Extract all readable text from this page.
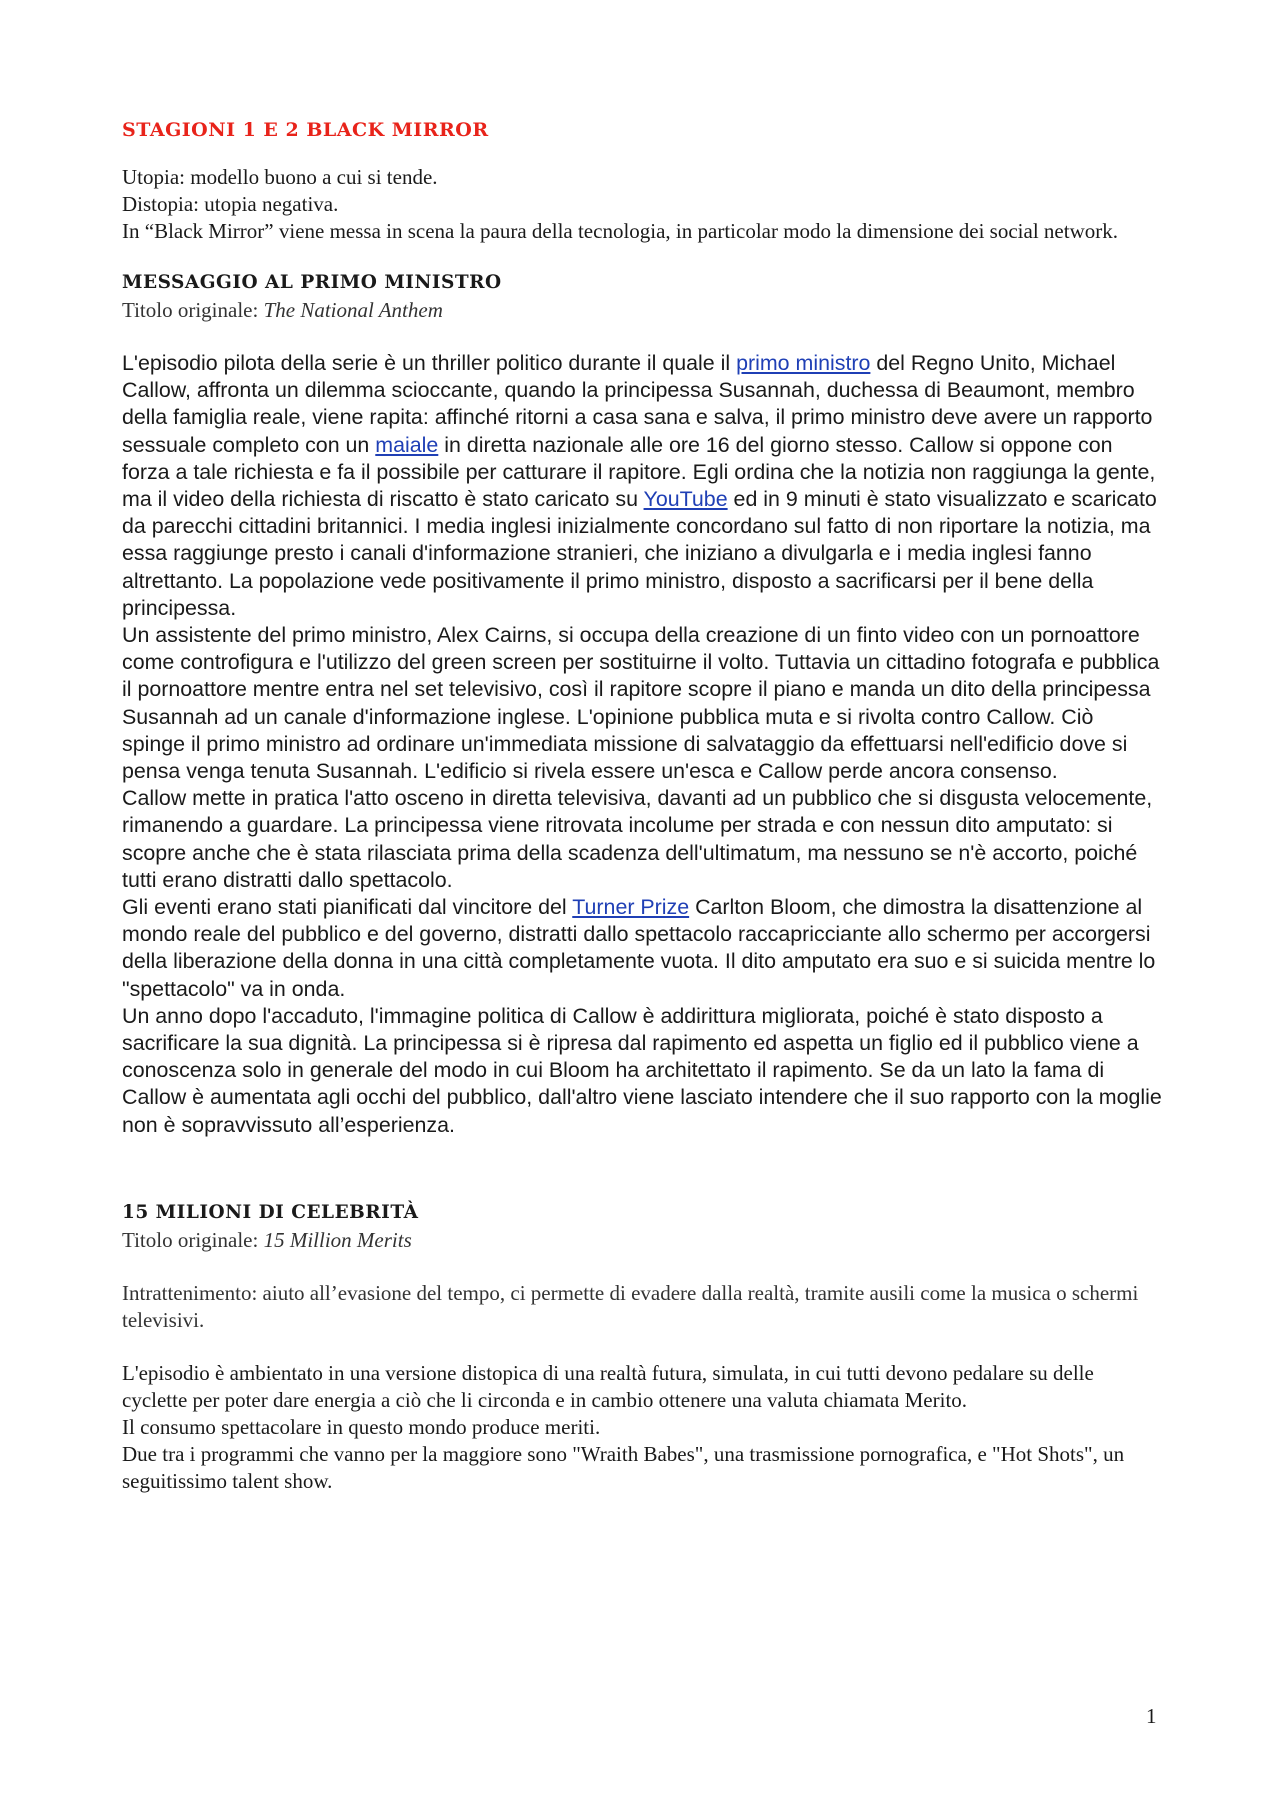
STAGIONI 1 E 2 BLACK MIRROR

Utopia: modello buono a cui si tende.

Distopia: utopia negativa.

In “Black Mirror” viene messa in scena la paura della tecnologia, in particolar modo la dimensione dei social network.

MESSAGGIO AL PRIMO MINISTRO

Titolo originale: The National Anthem

L'episodio pilota della serie è un thriller politico durante il quale il primo ministro del Regno Unito, Michael Callow, affronta un dilemma scioccante, quando la principessa Susannah, duchessa di Beaumont, membro della famiglia reale, viene rapita: affinché ritorni a casa sana e salva, il primo ministro deve avere un rapporto sessuale completo con un maiale in diretta nazionale alle ore 16 del giorno stesso. Callow si oppone con forza a tale richiesta e fa il possibile per catturare il rapitore. Egli ordina che la notizia non raggiunga la gente, ma il video della richiesta di riscatto è stato caricato su YouTube ed in 9 minuti è stato visualizzato e scaricato da parecchi cittadini britannici. I media inglesi inizialmente concordano sul fatto di non riportare la notizia, ma essa raggiunge presto i canali d'informazione stranieri, che iniziano a divulgarla e i media inglesi fanno altrettanto. La popolazione vede positivamente il primo ministro, disposto a sacrificarsi per il bene della principessa.

Un assistente del primo ministro, Alex Cairns, si occupa della creazione di un finto video con un pornoattore come controfigura e l'utilizzo del green screen per sostituirne il volto. Tuttavia un cittadino fotografa e pubblica il pornoattore mentre entra nel set televisivo, così il rapitore scopre il piano e manda un dito della principessa Susannah ad un canale d'informazione inglese. L'opinione pubblica muta e si rivolta contro Callow. Ciò spinge il primo ministro ad ordinare un'immediata missione di salvataggio da effettuarsi nell'edificio dove si pensa venga tenuta Susannah. L'edificio si rivela essere un'esca e Callow perde ancora consenso.

Callow mette in pratica l'atto osceno in diretta televisiva, davanti ad un pubblico che si disgusta velocemente, rimanendo a guardare. La principessa viene ritrovata incolume per strada e con nessun dito amputato: si scopre anche che è stata rilasciata prima della scadenza dell'ultimatum, ma nessuno se n'è accorto, poiché tutti erano distratti dallo spettacolo.

Gli eventi erano stati pianificati dal vincitore del Turner Prize Carlton Bloom, che dimostra la disattenzione al mondo reale del pubblico e del governo, distratti dallo spettacolo raccapricciante allo schermo per accorgersi della liberazione della donna in una città completamente vuota. Il dito amputato era suo e si suicida mentre lo "spettacolo" va in onda.

Un anno dopo l'accaduto, l'immagine politica di Callow è addirittura migliorata, poiché è stato disposto a sacrificare la sua dignità. La principessa si è ripresa dal rapimento ed aspetta un figlio ed il pubblico viene a conoscenza solo in generale del modo in cui Bloom ha architettato il rapimento. Se da un lato la fama di Callow è aumentata agli occhi del pubblico, dall'altro viene lasciato intendere che il suo rapporto con la moglie non è sopravvissuto all’esperienza.

15 MILIONI DI CELEBRITÀ

Titolo originale: 15 Million Merits

Intrattenimento: aiuto all’evasione del tempo, ci permette di evadere dalla realtà, tramite ausili come la musica o schermi televisivi.

L'episodio è ambientato in una versione distopica di una realtà futura, simulata, in cui tutti devono pedalare su delle cyclette per poter dare energia a ciò che li circonda e in cambio ottenere una valuta chiamata Merito.

Il consumo spettacolare in questo mondo produce meriti.

Due tra i programmi che vanno per la maggiore sono "Wraith Babes", una trasmissione pornografica, e "Hot Shots", un seguitissimo talent show.

1
